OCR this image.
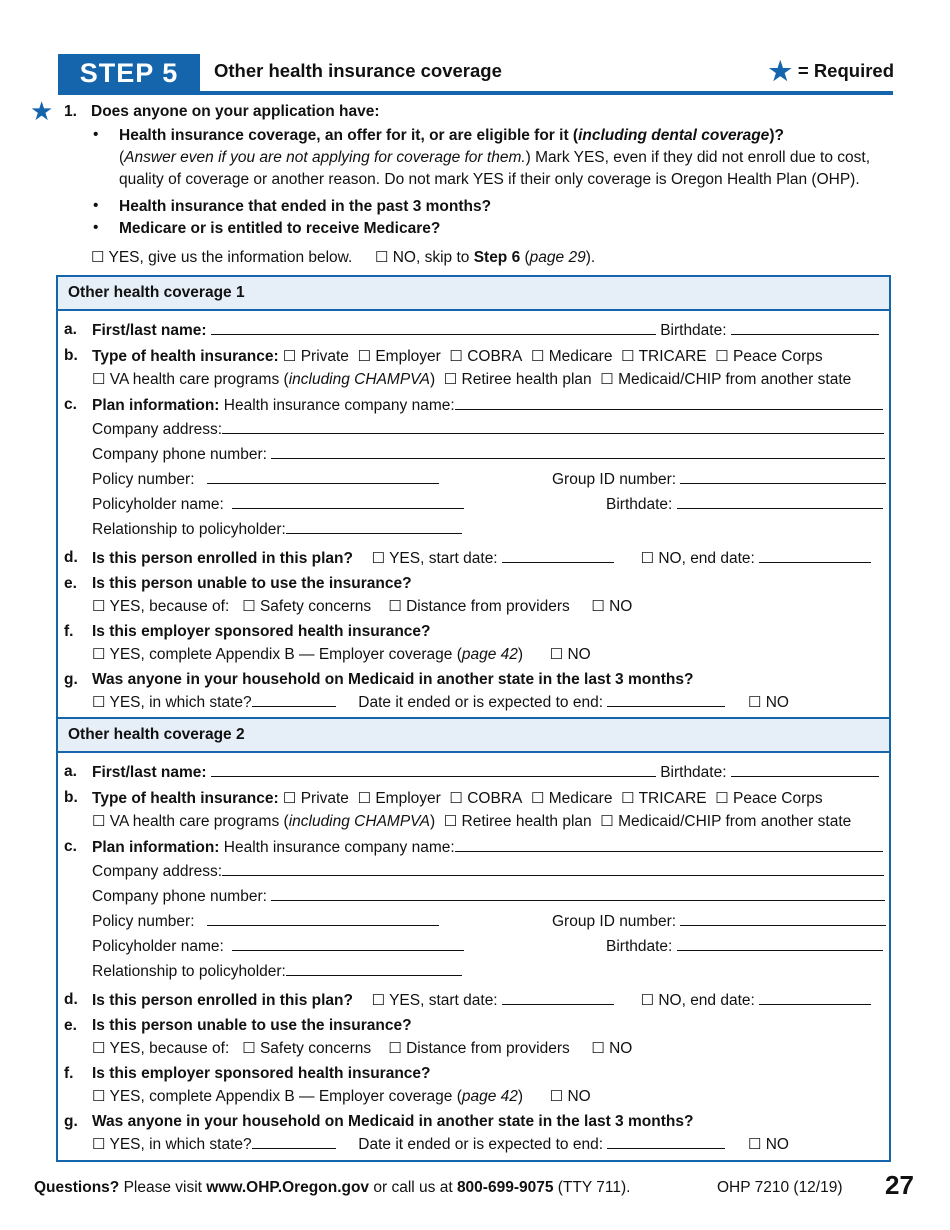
STEP 5 Other health insurance coverage	★ = Required
★ 1. Does anyone on your application have:
• Health insurance coverage, an offer for it, or are eligible for it (including dental coverage)?
(Answer even if you are not applying for coverage for them.) Mark YES, even if they did not enroll due to cost,
quality of coverage or another reason. Do not mark YES if their only coverage is Oregon Health Plan (OHP).
• Health insurance that ended in the past 3 months?
• Medicare or is entitled to receive Medicare?
☐ YES, give us the information below. ☐ NO, skip to Step 6 (page 29).
Other health coverage 1
a. First/last name:	Birthdate:
b. Type of health insurance: ☐ Private ☐ Employer ☐ COBRA ☐ Medicare ☐ TRICARE ☐ Peace Corps
☐ VA health care programs (including CHAMPVA) ☐ Retiree health plan ☐ Medicaid/CHIP from another state
c. Plan information: Health insurance company name:
Company address:
Company phone number:
Policy number:	Group ID number:
Policyholder name:	Birthdate:
Relationship to policyholder:
d. Is this person enrolled in this plan? ☐ YES, start date:	☐ NO, end date:
e. Is this person unable to use the insurance?
☐ YES, because of: ☐ Safety concerns ☐ Distance from providers ☐ NO
f. Is this employer sponsored health insurance?
☐ YES, complete Appendix B — Employer coverage (page 42) ☐ NO
g. Was anyone in your household on Medicaid in another state in the last 3 months?
☐ YES, in which state?	Date it ended or is expected to end:	☐ NO
Other health coverage 2
a. First/last name:	Birthdate:
b. Type of health insurance: ☐ Private ☐ Employer ☐ COBRA ☐ Medicare ☐ TRICARE ☐ Peace Corps
☐ VA health care programs (including CHAMPVA) ☐ Retiree health plan ☐ Medicaid/CHIP from another state
c. Plan information: Health insurance company name:
Company address:
Company phone number:
Policy number:	Group ID number:
Policyholder name:	Birthdate:
Relationship to policyholder:
d. Is this person enrolled in this plan? ☐ YES, start date:	☐ NO, end date:
e. Is this person unable to use the insurance?
☐ YES, because of: ☐ Safety concerns ☐ Distance from providers ☐ NO
f. Is this employer sponsored health insurance?
☐ YES, complete Appendix B — Employer coverage (page 42) ☐ NO
g. Was anyone in your household on Medicaid in another state in the last 3 months?
☐ YES, in which state?	Date it ended or is expected to end:	☐ NO
Questions? Please visit www.OHP.Oregon.gov or call us at 800-699-9075 (TTY 711).	OHP 7210 (12/19) 27
